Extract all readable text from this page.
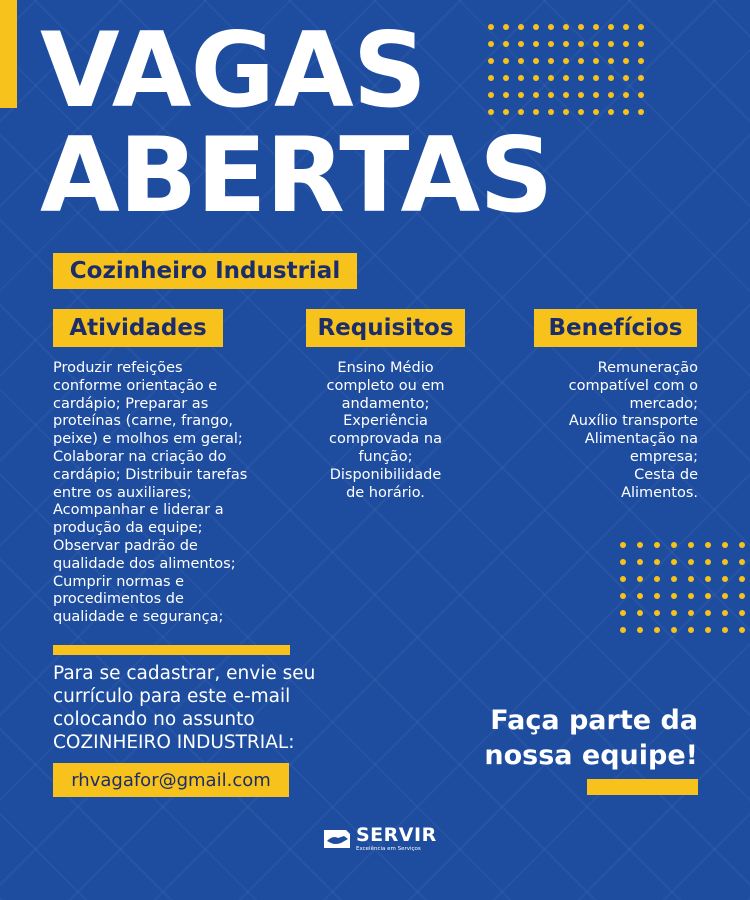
VAGAS
ABERTAS
Cozinheiro Industrial
Atividades	Requisitos	Benefícios

Produzir refeições
conforme orientação e
cardápio; Preparar as
proteínas (carne, frango,
peixe) e molhos em geral;
Colaborar na criação do
cardápio; Distribuir tarefas
entre os auxiliares;
Acompanhar e liderar a
produção da equipe;
Observar padrão de
qualidade dos alimentos;
Cumprir normas e
procedimentos de
qualidade e segurança;

Ensino Médio
completo ou em
andamento;
Experiência
comprovada na
função;
Disponibilidade
de horário.

Remuneração
compatível com o
mercado;
Auxílio transporte
Alimentação na
empresa;
Cesta de
Alimentos.

Para se cadastrar, envie seu
currículo para este e-mail
colocando no assunto
COZINHEIRO INDUSTRIAL:

rhvagafor@gmail.com

Faça parte da
nossa equipe!

SERVIR
Excelência em Serviços
